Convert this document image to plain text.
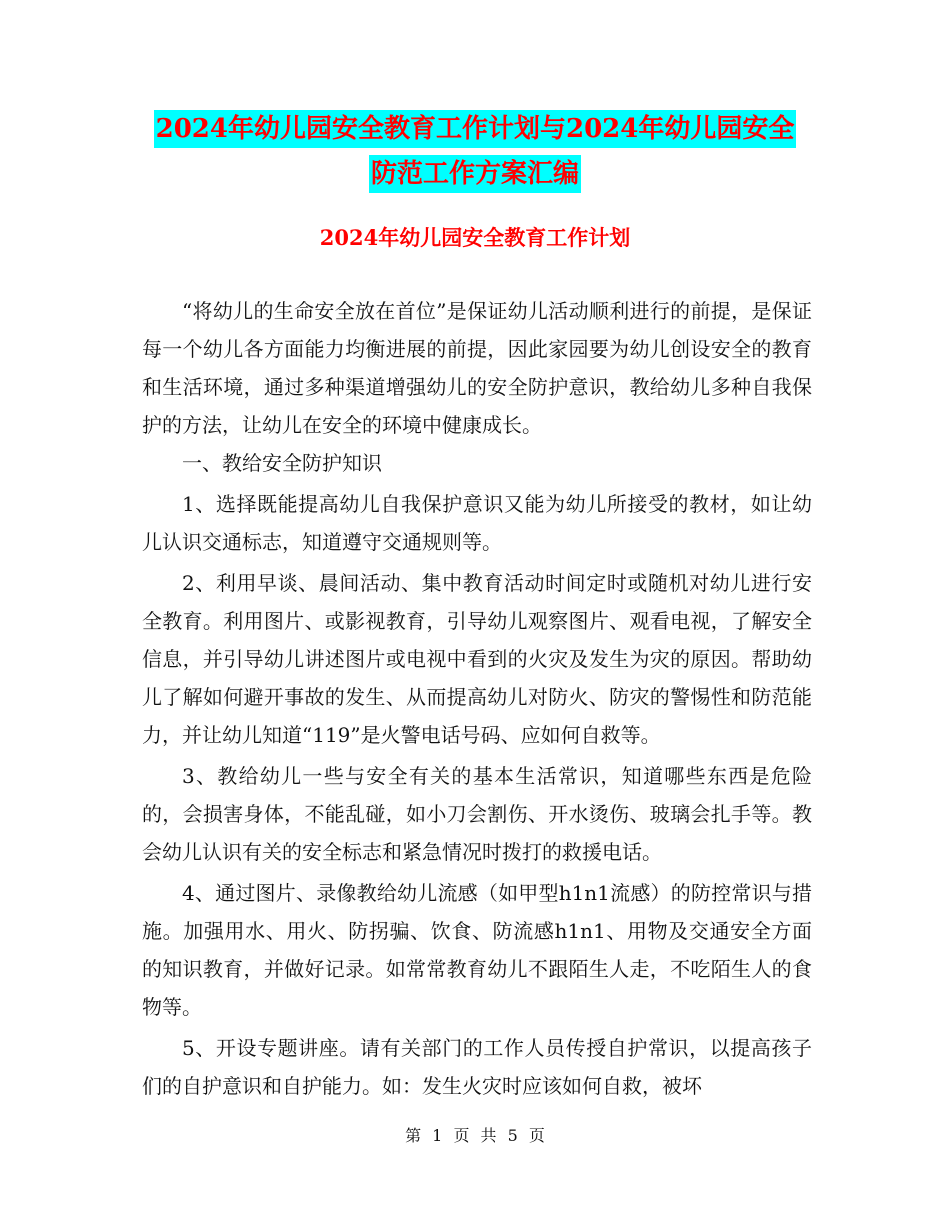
2024年幼儿园安全教育工作计划与2024年幼儿园安全
防范工作方案汇编
2024年幼儿园安全教育工作计划

“将幼儿的生命安全放在首位”是保证幼儿活动顺利进行的前提，是保证每一个幼儿各方面能力均衡进展的前提，因此家园要为幼儿创设安全的教育和生活环境，通过多种渠道增强幼儿的安全防护意识，教给幼儿多种自我保护的方法，让幼儿在安全的环境中健康成长。

一、教给安全防护知识

1、选择既能提高幼儿自我保护意识又能为幼儿所接受的教材，如让幼儿认识交通标志，知道遵守交通规则等。

2、利用早谈、晨间活动、集中教育活动时间定时或随机对幼儿进行安全教育。利用图片、或影视教育，引导幼儿观察图片、观看电视，了解安全信息，并引导幼儿讲述图片或电视中看到的火灾及发生为灾的原因。帮助幼儿了解如何避开事故的发生、从而提高幼儿对防火、防灾的警惕性和防范能力，并让幼儿知道“119”是火警电话号码、应如何自救等。

3、教给幼儿一些与安全有关的基本生活常识，知道哪些东西是危险的，会损害身体，不能乱碰，如小刀会割伤、开水烫伤、玻璃会扎手等。教会幼儿认识有关的安全标志和紧急情况时拨打的救援电话。

4、通过图片、录像教给幼儿流感（如甲型h1n1流感）的防控常识与措施。加强用水、用火、防拐骗、饮食、防流感h1n1、用物及交通安全方面的知识教育，并做好记录。如常常教育幼儿不跟陌生人走，不吃陌生人的食物等。

5、开设专题讲座。请有关部门的工作人员传授自护常识，以提高孩子们的自护意识和自护能力。如：发生火灾时应该如何自救，被坏

第 1 页 共 5 页
